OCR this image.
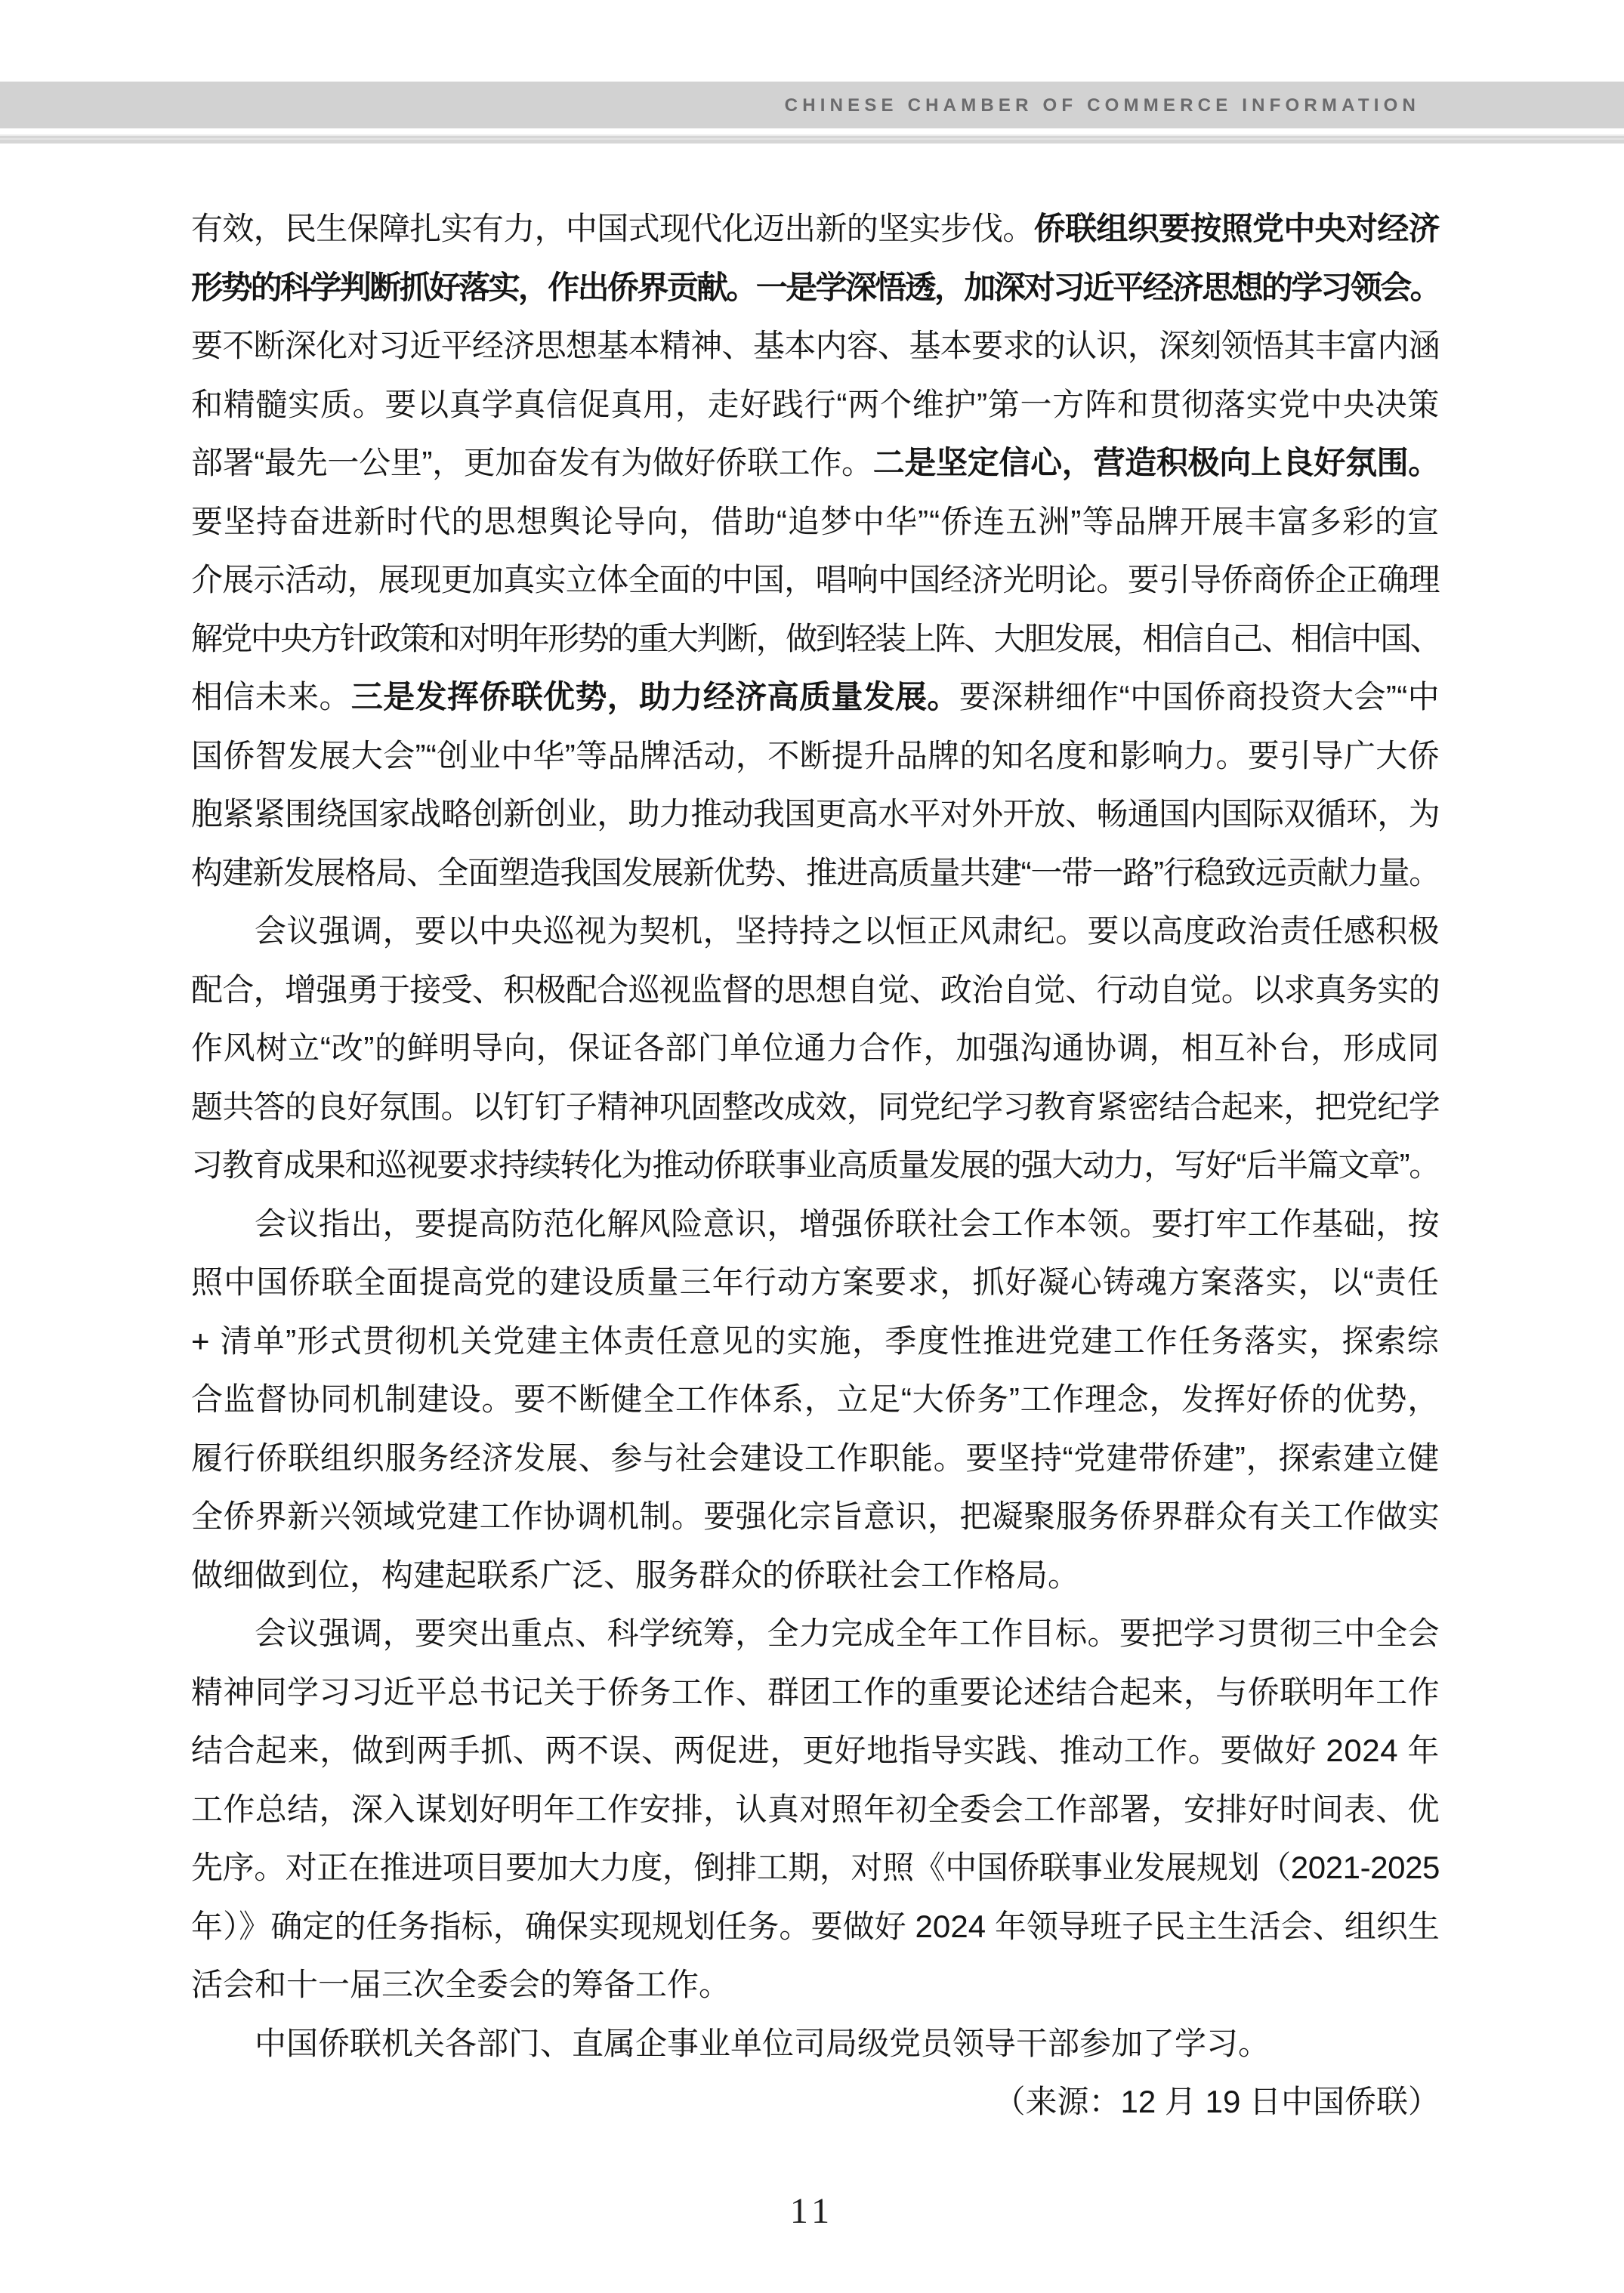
CHINESE CHAMBER OF COMMERCE INFORMATION
有效，民生保障扎实有力，中国式现代化迈出新的坚实步伐。侨联组织要按照党中央对经济
形势的科学判断抓好落实，作出侨界贡献。一是学深悟透，加深对习近平经济思想的学习领会。
要不断深化对习近平经济思想基本精神、基本内容、基本要求的认识，深刻领悟其丰富内涵
和精髓实质。要以真学真信促真用，走好践行“两个维护”第一方阵和贯彻落实党中央决策
部署“最先一公里”，更加奋发有为做好侨联工作。二是坚定信心，营造积极向上良好氛围。
要坚持奋进新时代的思想舆论导向，借助“追梦中华”“侨连五洲”等品牌开展丰富多彩的宣
介展示活动，展现更加真实立体全面的中国，唱响中国经济光明论。要引导侨商侨企正确理
解党中央方针政策和对明年形势的重大判断，做到轻装上阵、大胆发展，相信自己、相信中国、
相信未来。三是发挥侨联优势，助力经济高质量发展。要深耕细作“中国侨商投资大会”“中
国侨智发展大会”“创业中华”等品牌活动，不断提升品牌的知名度和影响力。要引导广大侨
胞紧紧围绕国家战略创新创业，助力推动我国更高水平对外开放、畅通国内国际双循环，为
构建新发展格局、全面塑造我国发展新优势、推进高质量共建“一带一路”行稳致远贡献力量。
会议强调，要以中央巡视为契机，坚持持之以恒正风肃纪。要以高度政治责任感积极
配合，增强勇于接受、积极配合巡视监督的思想自觉、政治自觉、行动自觉。以求真务实的
作风树立“改”的鲜明导向，保证各部门单位通力合作，加强沟通协调，相互补台，形成同
题共答的良好氛围。以钉钉子精神巩固整改成效，同党纪学习教育紧密结合起来，把党纪学
习教育成果和巡视要求持续转化为推动侨联事业高质量发展的强大动力，写好“后半篇文章”。
会议指出，要提高防范化解风险意识，增强侨联社会工作本领。要打牢工作基础，按
照中国侨联全面提高党的建设质量三年行动方案要求，抓好凝心铸魂方案落实，以“责任
+ 清单”形式贯彻机关党建主体责任意见的实施，季度性推进党建工作任务落实，探索综
合监督协同机制建设。要不断健全工作体系，立足“大侨务”工作理念，发挥好侨的优势，
履行侨联组织服务经济发展、参与社会建设工作职能。要坚持“党建带侨建”，探索建立健
全侨界新兴领域党建工作协调机制。要强化宗旨意识，把凝聚服务侨界群众有关工作做实
做细做到位，构建起联系广泛、服务群众的侨联社会工作格局。
会议强调，要突出重点、科学统筹，全力完成全年工作目标。要把学习贯彻三中全会
精神同学习习近平总书记关于侨务工作、群团工作的重要论述结合起来，与侨联明年工作
结合起来，做到两手抓、两不误、两促进，更好地指导实践、推动工作。要做好 2024 年
工作总结，深入谋划好明年工作安排，认真对照年初全委会工作部署，安排好时间表、优
先序。对正在推进项目要加大力度，倒排工期，对照《中国侨联事业发展规划（2021-2025
年）》确定的任务指标，确保实现规划任务。要做好 2024 年领导班子民主生活会、组织生
活会和十一届三次全委会的筹备工作。
中国侨联机关各部门、直属企事业单位司局级党员领导干部参加了学习。
（来源：12 月 19 日中国侨联）
11
